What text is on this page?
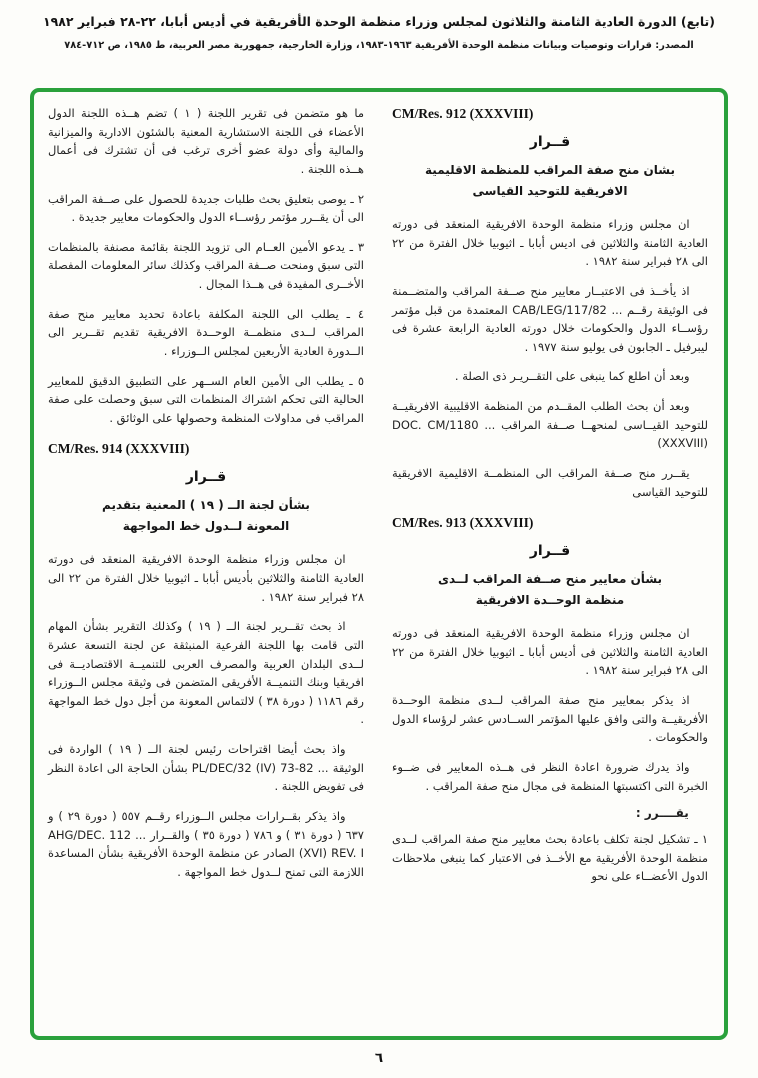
(تابع) الدورة العادية الثامنة والثلاثون لمجلس وزراء منظمة الوحدة الأفريقية في أديس أبابا، ٢٢-٢٨ فبراير ١٩٨٢
المصدر: قرارات وتوصيات وبيانات منظمة الوحدة الأفريقية ١٩٦٣-١٩٨٣، وزارة الخارجية، جمهورية مصر العربية، ط ١٩٨٥، ص ٧١٢-٧٨٤
CM/Res. 912 (XXXVIII)
قــرار
بشان منح صفة المراقب للمنظمة الاقليمية
الافريقية للتوحيد القياسى

ان مجلس وزراء منظمة الوحدة الافريقية المنعقد فى دورته العادية الثامنة والثلاثين فى اديس أبابا ـ اثيوبيا خلال الفترة من ٢٢ الى ٢٨ فبراير سنة ١٩٨٢ .

اذ يأخــذ فى الاعتبــار معايير منح صــفة المراقب والمتضــمنة فى الوثيقة رقــم ... CAB/LEG/117/82 المعتمدة من قبل مؤتمر رؤســاء الدول والحكومات خلال دورته العادية الرابعة عشرة فى ليبرفيل ـ الجابون فى يوليو سنة ١٩٧٧ .

وبعد أن اطلع كما ينبغى على التقــريـر ذى الصلة .

وبعد أن بحث الطلب المقــدم من المنظمة الاقليبية الافريقيــة للتوحيد القيــاسى لمنحهــا صــفة المراقب ... DOC. CM/1180 (XXXVIII)

يقــرر منح صــفة المراقب الى المنظمــة الاقليمية الافريقية للتوحيد القياسى

CM/Res. 913 (XXXVIII)
قــرار
بشأن معايير منح صــفة المراقب لــدى
منظمة الوحــدة الافريقية

ان مجلس وزراء منظمة الوحدة الافريقية المنعقد فى دورته العادية الثامنة والثلاثين فى أديس أبابا ـ اثيوبيا خلال الفترة من ٢٢ الى ٢٨ فبراير سنة ١٩٨٢ .

اذ يذكر بمعايير منح صفة المراقب لــدى منظمة الوحــدة الأفريقيــة والتى وافق عليها المؤتمر الســادس عشر لرؤساء الدول والحكومات .

واذ يدرك ضرورة اعادة النظر فى هــذه المعايير فى ضــوء الخبرة التى اكتسبتها المنظمة فى مجال منح صفة المراقب .

يقــــرر :

١ ـ تشكيل لجنة تكلف باعادة بحث معايير منح صفة المراقب لــدى منظمة الوحدة الأفريقية مع الأخــذ فى الاعتبار كما ينبغى ملاحظات الدول الأعضــاء على نحو

ما هو متضمن فى تقرير اللجنة ( ١ ) تضم هــذه اللجنة الدول الأعضاء فى اللجنة الاستشارية المعنية بالشئون الادارية والميزانية والمالية وأى دولة عضو أخرى ترغب فى أن تشترك فى أعمال هــذه اللجنة .

٢ ـ يوصى بتعليق بحث طلبات جديدة للحصول على صــفة المراقب الى أن يقــرر مؤتمر رؤســاء الدول والحكومات معايير جديدة .

٣ ـ يدعو الأمين العــام الى تزويد اللجنة بقائمة مصنفة بالمنظمات التى سبق ومنحت صــفة المراقب وكذلك سائر المعلومات المفصلة الأخــرى المفيدة فى هــذا المجال .

٤ ـ يطلب الى اللجنة المكلفة باعادة تحديد معايير منح صفة المراقب لــدى منظمــة الوحــدة الافريقية تقديم تقــرير الى الــدورة العادية الأربعين لمجلس الــوزراء .

٥ ـ يطلب الى الأمين العام الســهر على التطبيق الدقيق للمعايير الحالية التى تحكم اشتراك المنظمات التى سبق وحصلت على صفة المراقب فى مداولات المنظمة وحصولها على الوثائق .

CM/Res. 914 (XXXVIII)
قــرار
بشأن لجنة الــ ( ١٩ ) المعنية بتقديم
المعونة لــدول خط المواجهة

ان مجلس وزراء منظمة الوحدة الافريقية المنعقد فى دورته العادية الثامنة والثلاثين بأديس أبابا ـ اثيوبيا خلال الفترة من ٢٢ الى ٢٨ فبراير سنة ١٩٨٢ .

اذ بحث تقــرير لجنة الــ ( ١٩ ) وكذلك التقرير بشأن المهام التى قامت بها اللجنة الفرعية المنبثقة عن لجنة التسعة عشرة لــدى البلدان العربية والمصرف العربى للتنميــة الاقتصاديــة فى افريقيا وبنك التنميــة الأفريقى المتضمن فى وثيقة مجلس الــوزراء رقم ١١٨٦ ( دورة ٣٨ ) لالتماس المعونة من أجل دول خط المواجهة .

واذ بحث أيضا اقتراحات رئيس لجنة الــ ( ١٩ ) الواردة فى الوثيقة ... PL/DEC/32 (IV) 73-82 بشأن الحاجة الى اعادة النظر فى تفويض اللجنة .

واذ يذكر بقــرارات مجلس الــوزراء رقــم ٥٥٧ ( دورة ٢٩ ) و ٦٣٧ ( دورة ٣١ ) و ٧٨٦ ( دورة ٣٥ ) والقــرار ... AHG/DEC. 112 (XVI) REV. I الصادر عن منظمة الوحدة الأفريقية بشأن المساعدة اللازمة التى تمنح لــدول خط المواجهة .

٦
